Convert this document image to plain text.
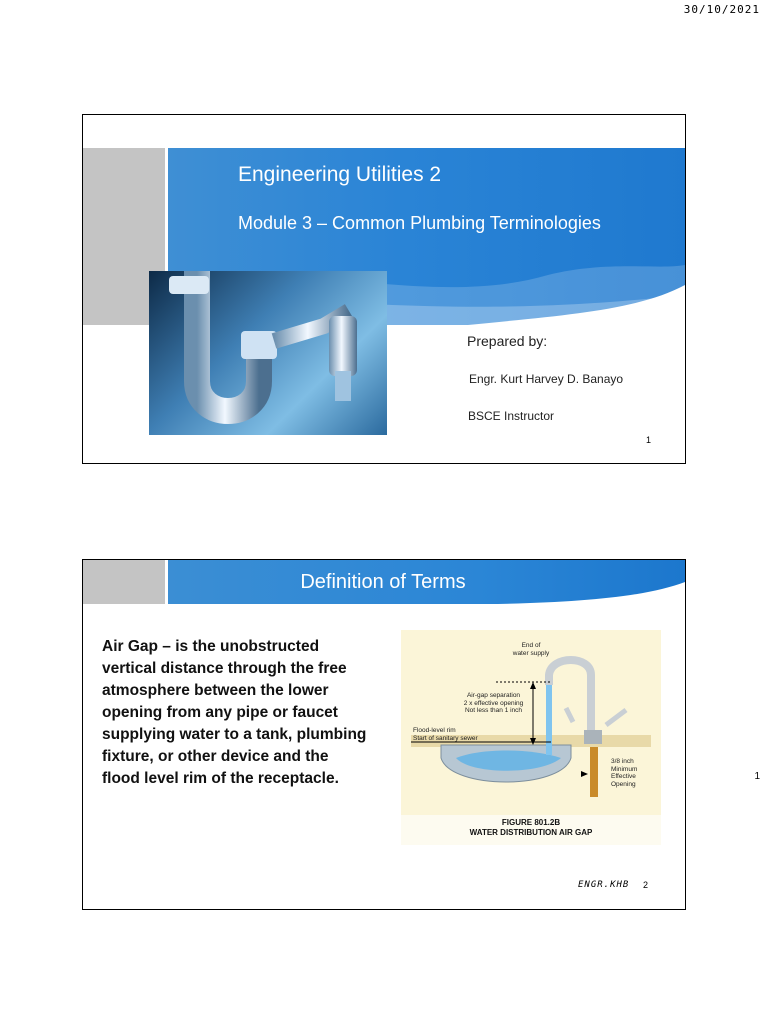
30/10/2021
1
Engineering Utilities 2
Module 3 – Common Plumbing Terminologies
Prepared by:
Engr. Kurt Harvey D. Banayo
BSCE Instructor
1
Definition of Terms
Air Gap – is the unobstructed vertical distance through the free atmosphere between the lower opening from any pipe or faucet supplying water to a tank, plumbing fixture, or other device and the flood level rim of the receptacle.
End of
water supply
Air-gap separation
2 x effective opening
Not less than 1 inch
Flood-level rim
Start of sanitary sewer
3/8 inch
Minimum
Effective
Opening
FIGURE 801.2B
WATER DISTRIBUTION AIR GAP
ENGR.KHB 2
